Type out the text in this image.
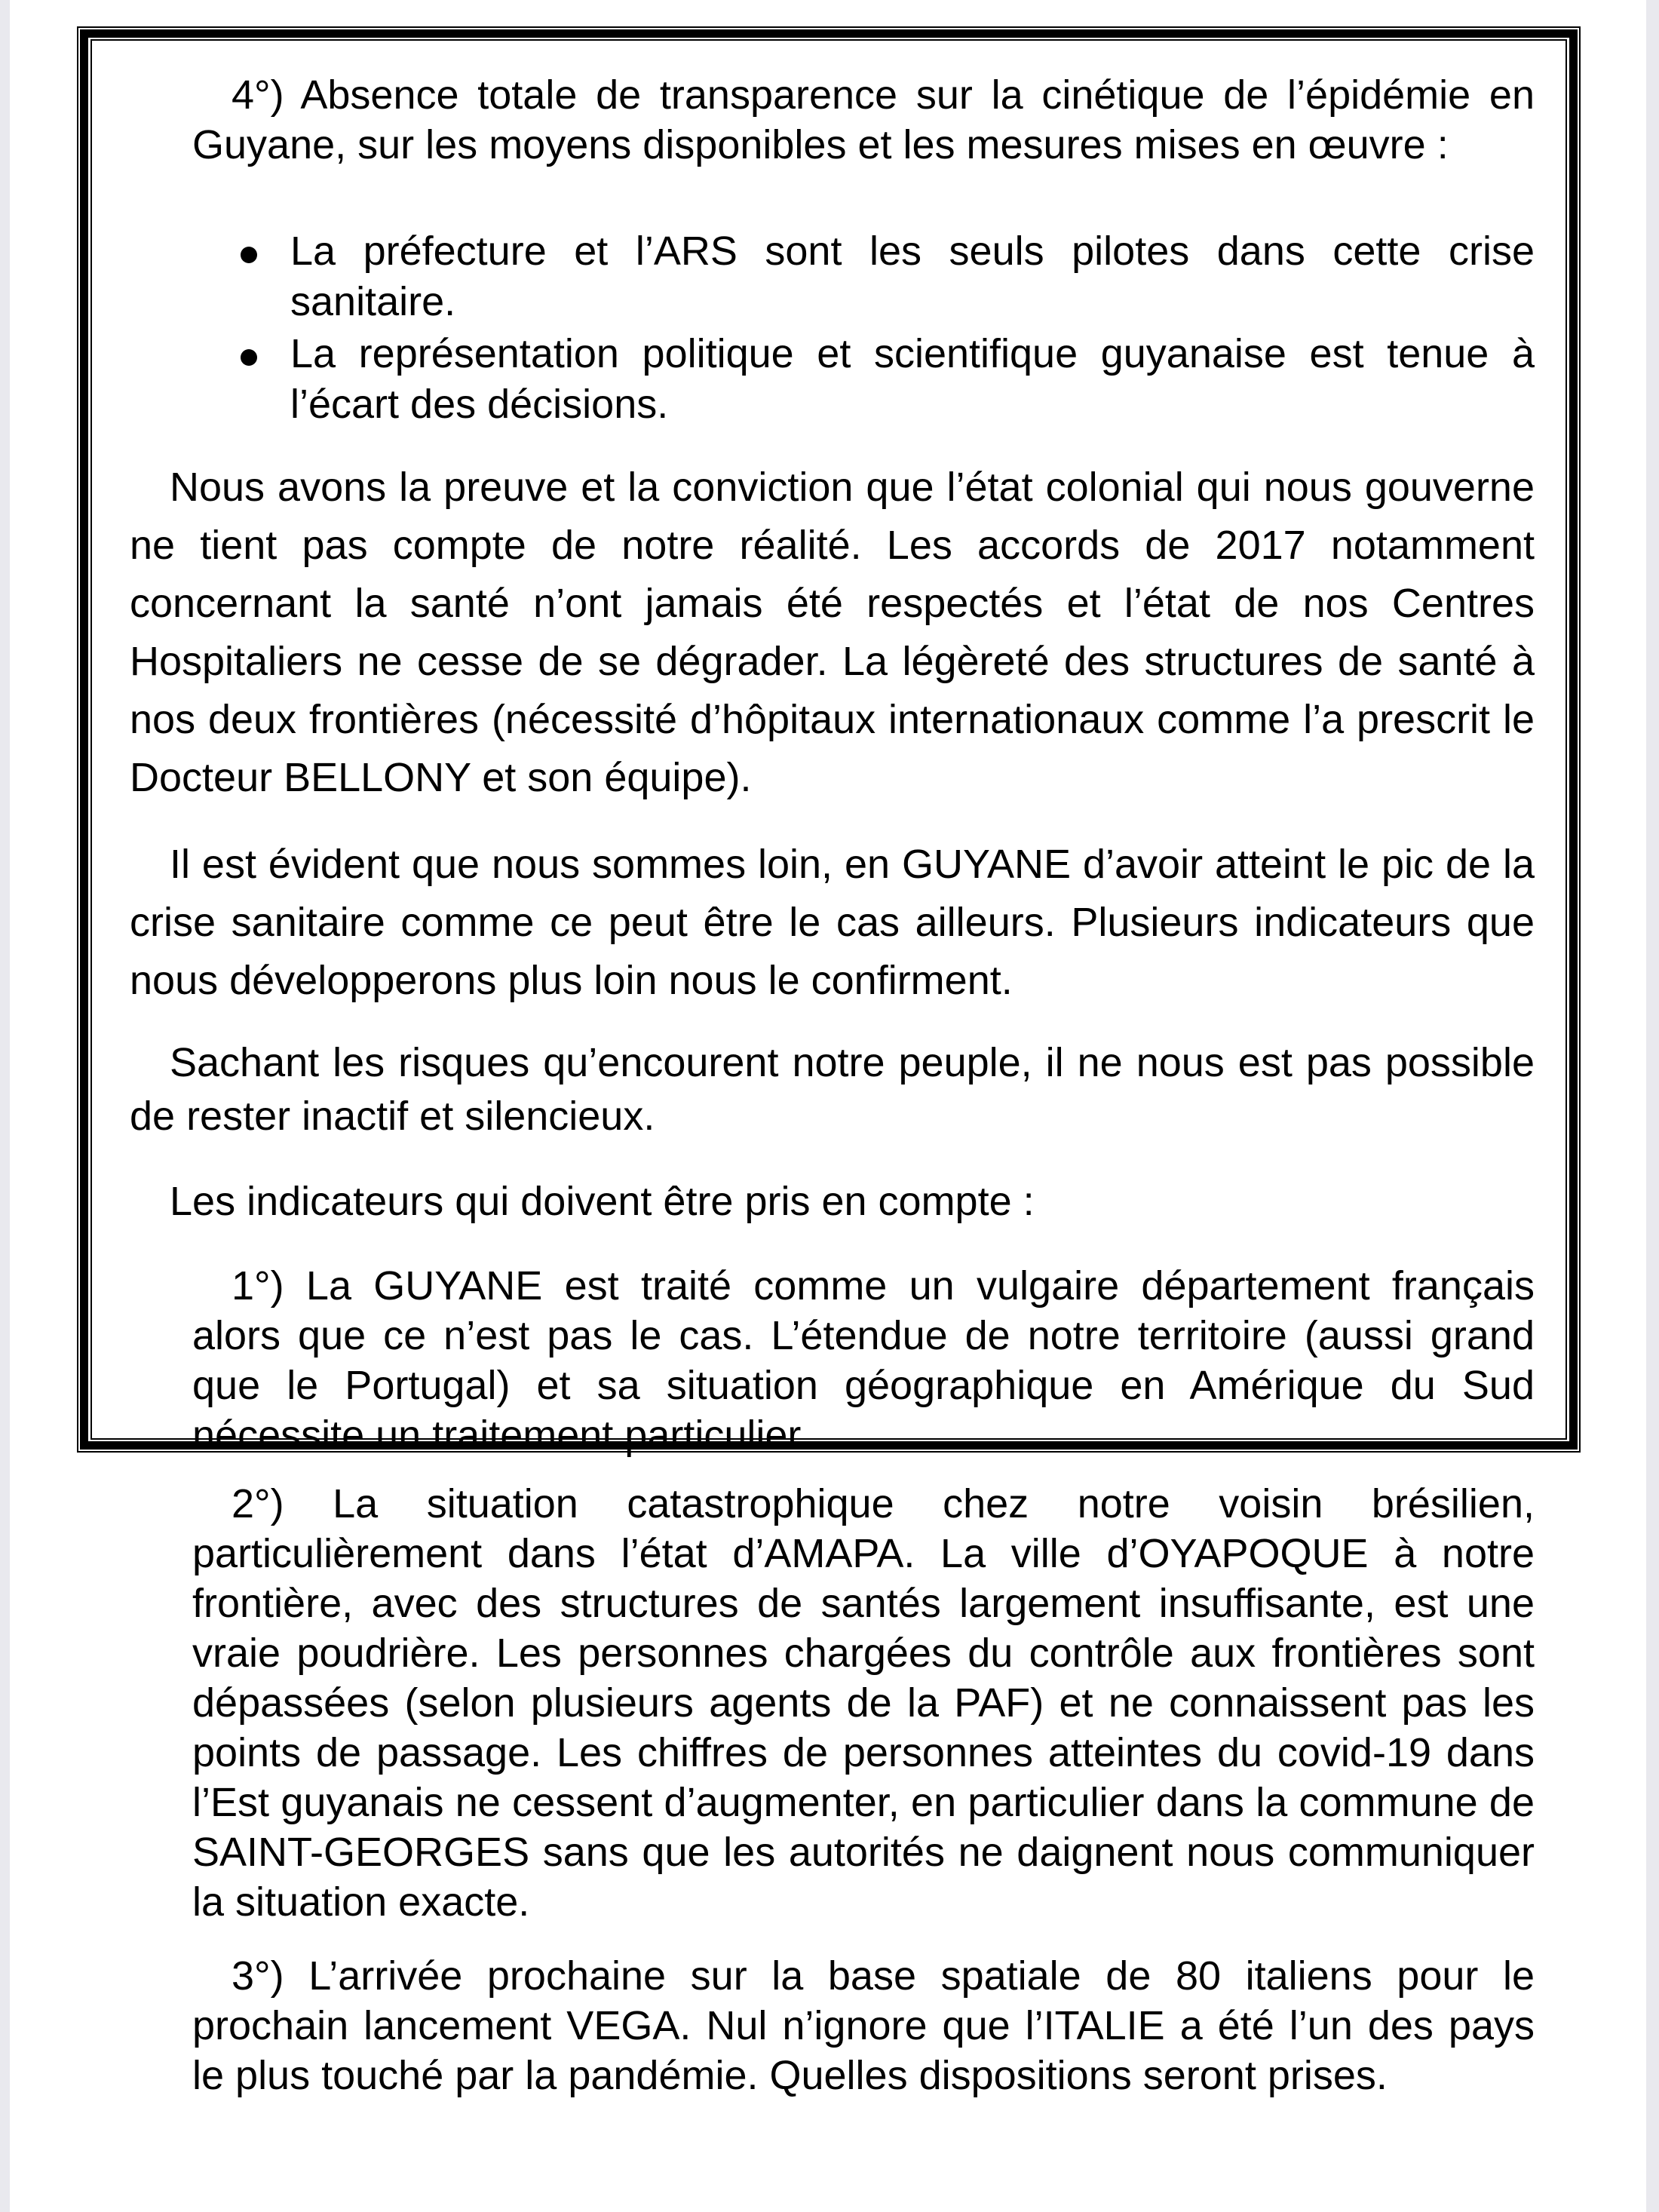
4°) Absence totale de transparence sur la cinétique de l’épidémie en Guyane, sur les moyens disponibles et les mesures mises en œuvre :

La préfecture et l’ARS sont les seuls pilotes dans cette crise sanitaire.

La représentation politique et scientifique guyanaise est tenue à l’écart des décisions.

Nous avons la preuve et la conviction que l’état colonial qui nous gouverne ne tient pas compte de notre réalité. Les accords de 2017 notamment concernant la santé n’ont jamais été respectés et l’état de nos Centres Hospitaliers ne cesse de se dégrader. La légèreté des structures de santé à nos deux frontières (nécessité d’hôpitaux internationaux comme l’a prescrit le Docteur BELLONY et son équipe).

Il est évident que nous sommes loin, en GUYANE d’avoir atteint le pic de la crise sanitaire comme ce peut être le cas ailleurs. Plusieurs indicateurs que nous développerons plus loin nous le confirment.

Sachant les risques qu’encourent notre peuple, il ne nous est pas possible de rester inactif et silencieux.

Les indicateurs qui doivent être pris en compte :

1°) La GUYANE est traité comme un vulgaire département français alors que ce n’est pas le cas. L’étendue de notre territoire (aussi grand que le Portugal) et sa situation géographique en Amérique du Sud nécessite un traitement particulier.

2°) La situation catastrophique chez notre voisin brésilien, particulièrement dans l’état d’AMAPA. La ville d’OYAPOQUE à notre frontière, avec des structures de santés largement insuffisante, est une vraie poudrière. Les personnes chargées du contrôle aux frontières sont dépassées (selon plusieurs agents de la PAF) et ne connaissent pas les points de passage. Les chiffres de personnes atteintes du covid-19 dans l’Est guyanais ne cessent d’augmenter, en particulier dans la commune de SAINT-GEORGES sans que les autorités ne daignent nous communiquer la situation exacte.

3°) L’arrivée prochaine sur la base spatiale de 80 italiens pour le prochain lancement VEGA. Nul n’ignore que l’ITALIE a été l’un des pays le plus touché par la pandémie. Quelles dispositions seront prises.
